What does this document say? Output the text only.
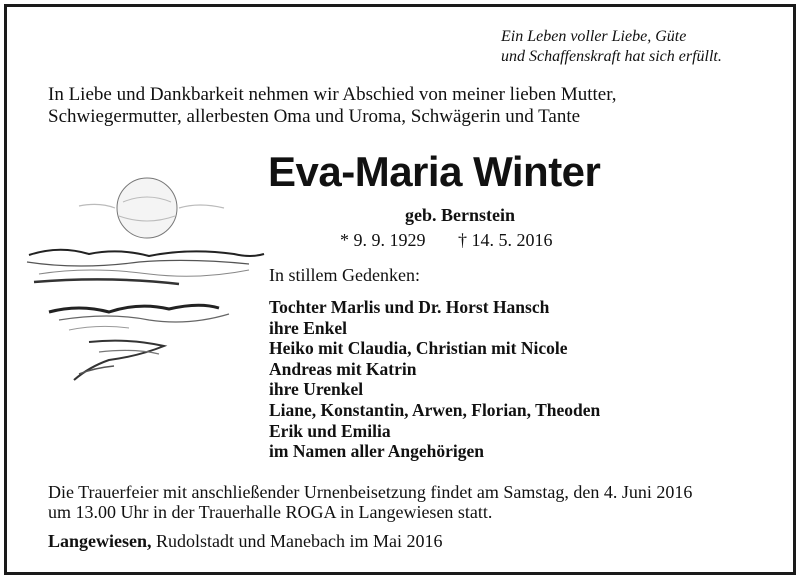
Ein Leben voller Liebe, Güte
und Schaffenskraft hat sich erfüllt.
In Liebe und Dankbarkeit nehmen wir Abschied von meiner lieben Mutter,
Schwiegermutter, allerbesten Oma und Uroma, Schwägerin und Tante
Eva-Maria Winter
geb. Bernstein
* 9. 9. 1929 † 14. 5. 2016
In stillem Gedenken:
Tochter Marlis und Dr. Horst Hansch
ihre Enkel
Heiko mit Claudia, Christian mit Nicole
Andreas mit Katrin
ihre Urenkel
Liane, Konstantin, Arwen, Florian, Theoden
Erik und Emilia
im Namen aller Angehörigen
Die Trauerfeier mit anschließender Urnenbeisetzung findet am Samstag, den 4. Juni 2016
um 13.00 Uhr in der Trauerhalle ROGA in Langewiesen statt.
Langewiesen, Rudolstadt und Manebach im Mai 2016
